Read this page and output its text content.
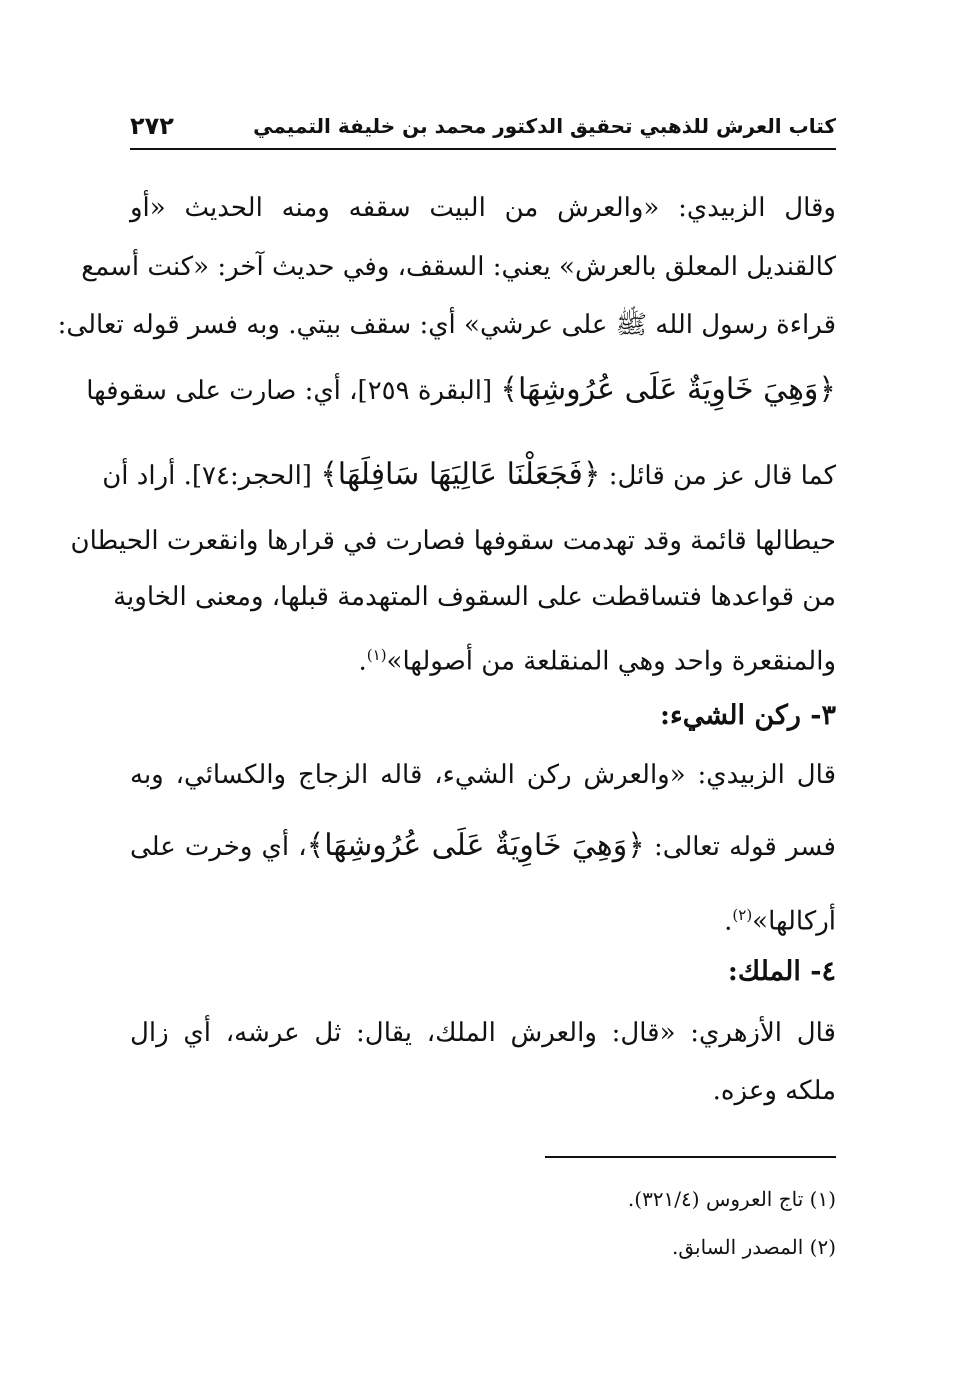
كتاب العرش للذهبي تحقيق الدكتور محمد بن خليفة التميمي
٢٧٢
وقال الزبيدي: «والعرش من البيت سقفه ومنه الحديث «أو
كالقنديل المعلق بالعرش» يعني: السقف، وفي حديث آخر: «كنت أسمع
قراءة رسول الله ﷺ على عرشي» أي: سقف بيتي. وبه فسر قوله تعالى:
﴿وَهِيَ خَاوِيَةٌ عَلَى عُرُوشِهَا﴾ [البقرة ٢٥٩]، أي: صارت على سقوفها
كما قال عز من قائل: ﴿فَجَعَلْنَا عَالِيَهَا سَافِلَهَا﴾ [الحجر:٧٤]. أراد أن
حيطالها قائمة وقد تهدمت سقوفها فصارت في قرارها وانقعرت الحيطان
من قواعدها فتساقطت على السقوف المتهدمة قبلها، ومعنى الخاوية
والمنقعرة واحد وهي المنقلعة من أصولها»$^{(١)}$.
٣- ركن الشيء:
قال الزبيدي: «والعرش ركن الشيء، قاله الزجاج والكسائي، وبه
فسر قوله تعالى: ﴿وَهِيَ خَاوِيَةٌ عَلَى عُرُوشِهَا﴾، أي وخرت على
أركالها»$^{(٢)}$.
٤- الملك:
قال الأزهري: «قال: والعرش الملك، يقال: ثل عرشه، أي زال
ملكه وعزه.
(١) تاج العروس (٣٢١/٤).
(٢) المصدر السابق.
